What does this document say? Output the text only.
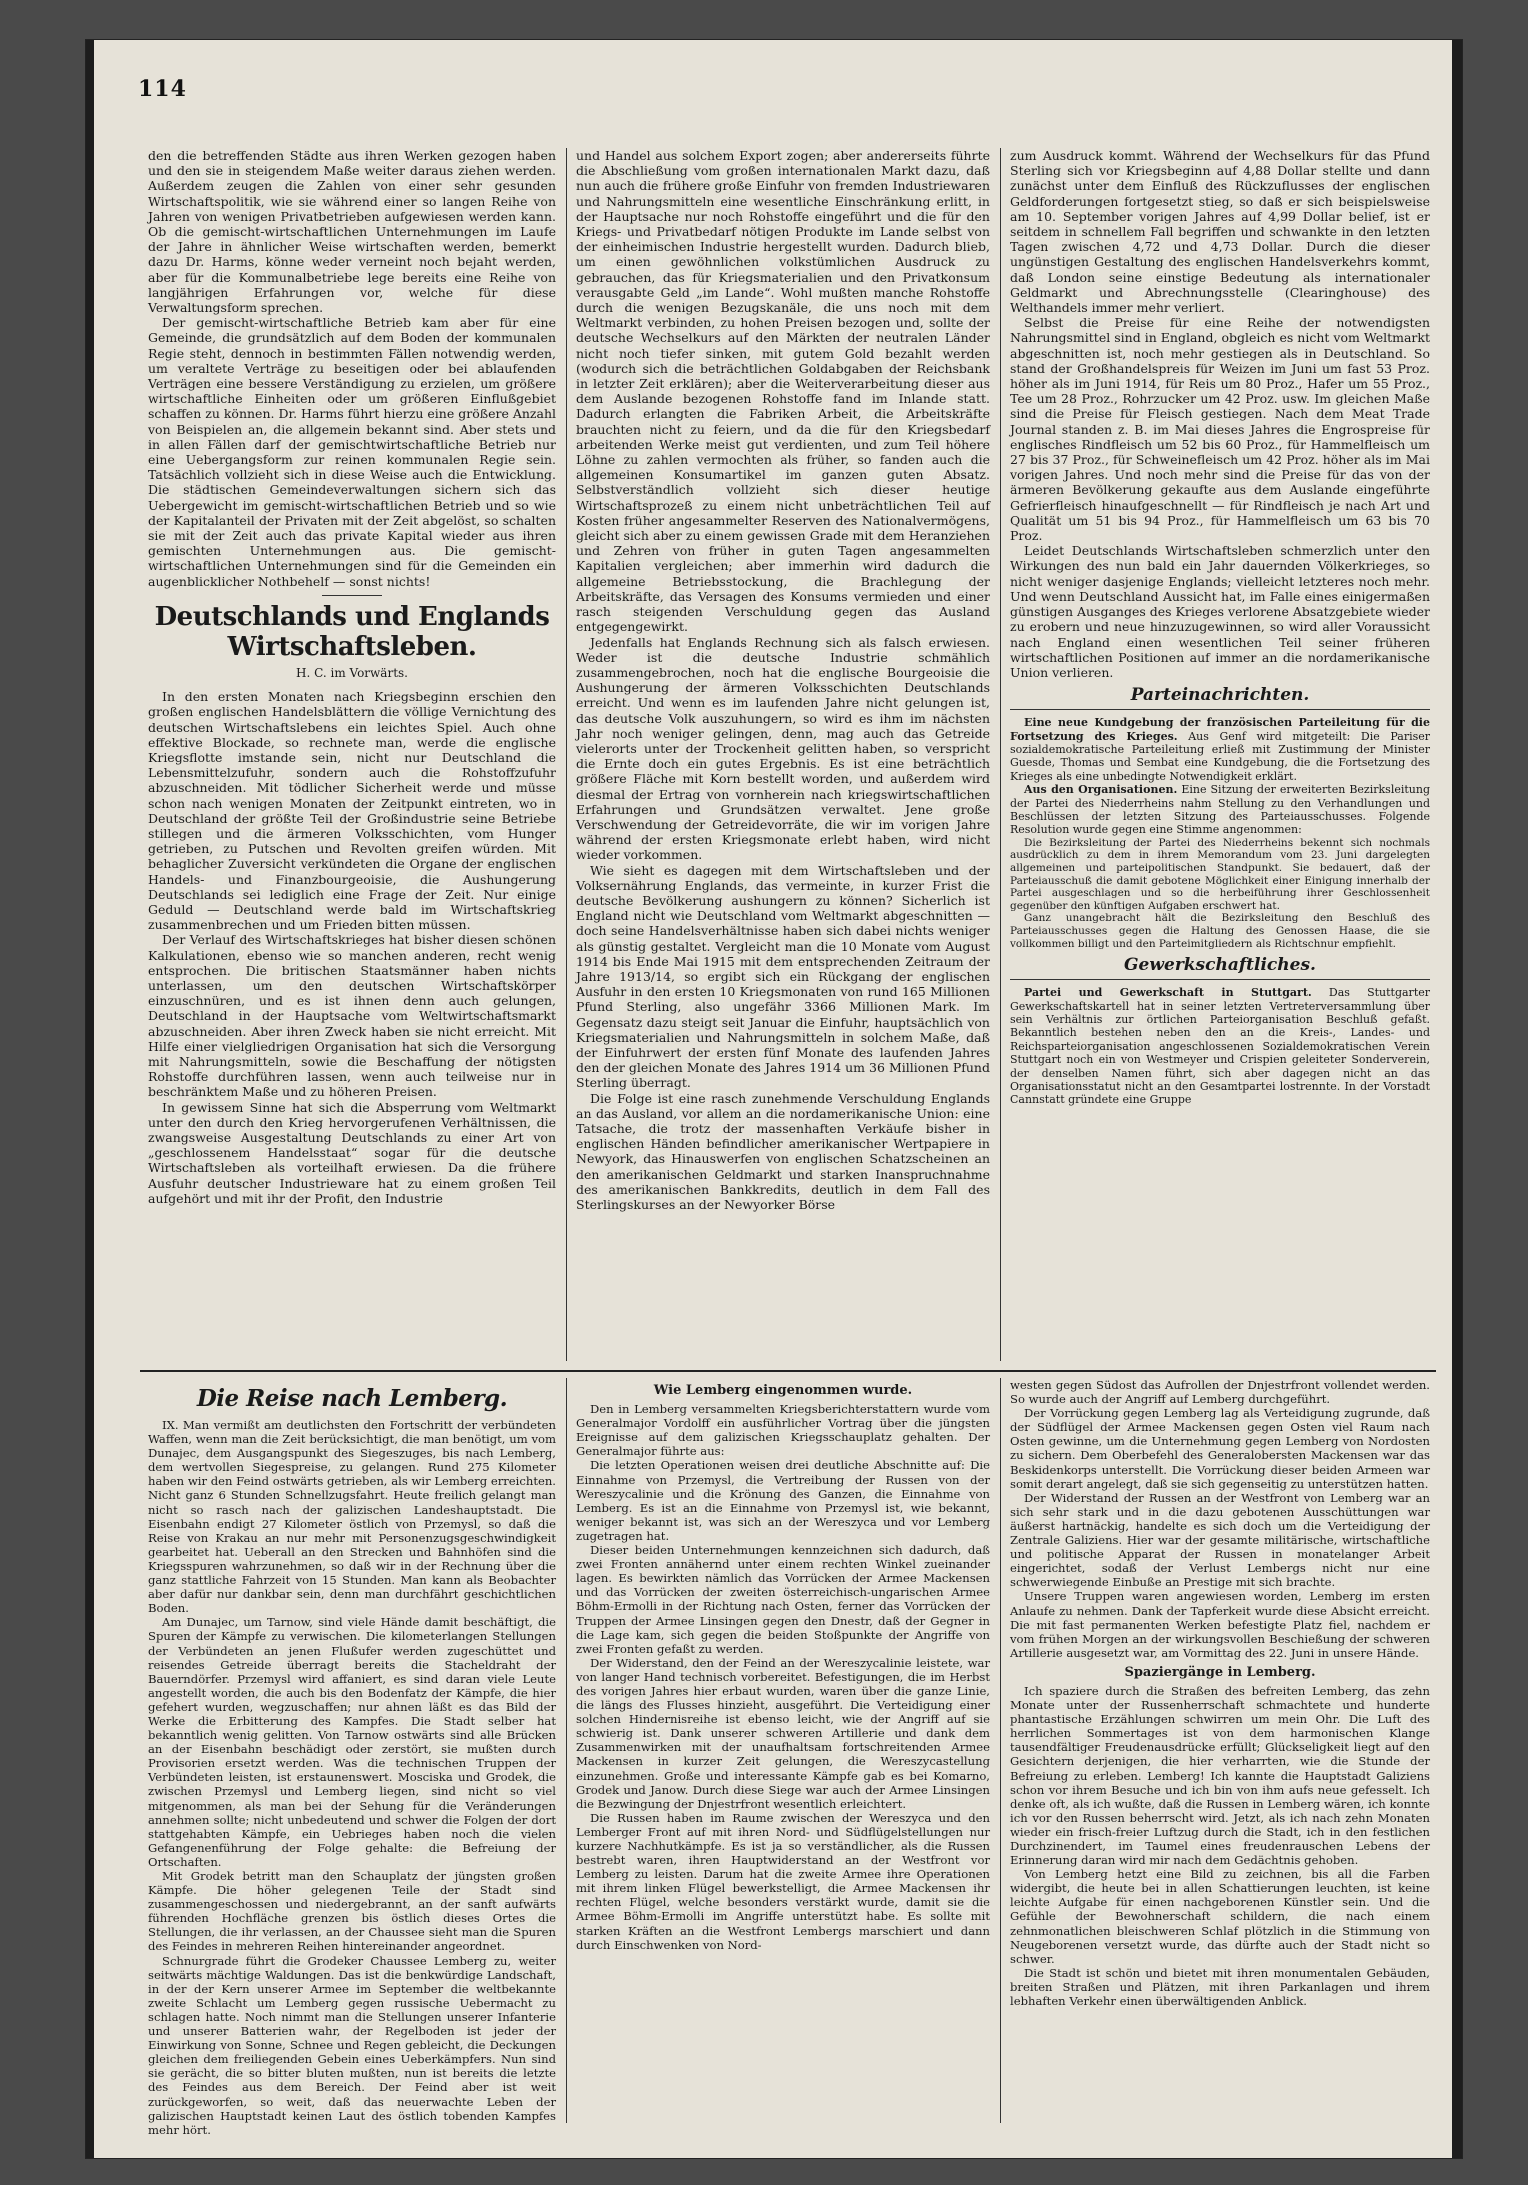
114

den die betreffenden Städte aus ihren Werken gezogen haben und den sie in steigendem Maße weiter daraus ziehen werden. Außerdem zeugen die Zahlen von einer sehr gesunden Wirtschaftspolitik, wie sie während einer so langen Reihe von Jahren von wenigen Privatbetrieben aufgewiesen werden kann. Ob die gemischt-wirtschaftlichen Unternehmungen im Laufe der Jahre in ähnlicher Weise wirtschaften werden, bemerkt dazu Dr. Harms, könne weder verneint noch bejaht werden, aber für die Kommunalbetriebe lege bereits eine Reihe von langjährigen Erfahrungen vor, welche für diese Verwaltungsform sprechen.

Der gemischt-wirtschaftliche Betrieb kam aber für eine Gemeinde, die grundsätzlich auf dem Boden der kommunalen Regie steht, dennoch in bestimmten Fällen notwendig werden, um veraltete Verträge zu beseitigen oder bei ablaufenden Verträgen eine bessere Verständigung zu erzielen, um größere wirtschaftliche Einheiten oder um größeren Einflußgebiet schaffen zu können. Dr. Harms führt hierzu eine größere Anzahl von Beispielen an, die allgemein bekannt sind. Aber stets und in allen Fällen darf der gemischtwirtschaftliche Betrieb nur eine Uebergangsform zur reinen kommunalen Regie sein. Tatsächlich vollzieht sich in diese Weise auch die Entwicklung. Die städtischen Gemeindeverwaltungen sichern sich das Uebergewicht im gemischt-wirtschaftlichen Betrieb und so wie der Kapitalanteil der Privaten mit der Zeit abgelöst, so schalten sie mit der Zeit auch das private Kapital wieder aus ihren gemischten Unternehmungen aus. Die gemischt-wirtschaftlichen Unternehmungen sind für die Gemeinden ein augenblicklicher Nothbehelf — sonst nichts!

Deutschlands und Englands Wirtschaftsleben.
H. C. im Vorwärts.

In den ersten Monaten nach Kriegsbeginn erschien den großen englischen Handelsblättern die völlige Vernichtung des deutschen Wirtschaftslebens ein leichtes Spiel. Auch ohne effektive Blockade, so rechnete man, werde die englische Kriegsflotte imstande sein, nicht nur Deutschland die Lebensmittelzufuhr, sondern auch die Rohstoffzufuhr abzuschneiden. Mit tödlicher Sicherheit werde und müsse schon nach wenigen Monaten der Zeitpunkt eintreten, wo in Deutschland der größte Teil der Großindustrie seine Betriebe stillegen und die ärmeren Volksschichten, vom Hunger getrieben, zu Putschen und Revolten greifen würden. Mit behaglicher Zuversicht verkündeten die Organe der englischen Handels- und Finanzbourgeoisie, die Aushungerung Deutschlands sei lediglich eine Frage der Zeit. Nur einige Geduld — Deutschland werde bald im Wirtschaftskrieg zusammenbrechen und um Frieden bitten müssen.

Der Verlauf des Wirtschaftskrieges hat bisher diesen schönen Kalkulationen, ebenso wie so manchen anderen, recht wenig entsprochen. Die britischen Staatsmänner haben nichts unterlassen, um den deutschen Wirtschaftskörper einzuschnüren, und es ist ihnen denn auch gelungen, Deutschland in der Hauptsache vom Weltwirtschaftsmarkt abzuschneiden. Aber ihren Zweck haben sie nicht erreicht. Mit Hilfe einer vielgliedrigen Organisation hat sich die Versorgung mit Nahrungsmitteln, sowie die Beschaffung der nötigsten Rohstoffe durchführen lassen, wenn auch teilweise nur in beschränktem Maße und zu höheren Preisen.

In gewissem Sinne hat sich die Absperrung vom Weltmarkt unter den durch den Krieg hervorgerufenen Verhältnissen, die zwangsweise Ausgestaltung Deutschlands zu einer Art von „geschlossenem Handelsstaat“ sogar für die deutsche Wirtschaftsleben als vorteilhaft erwiesen. Da die frühere Ausfuhr deutscher Industrieware hat zu einem großen Teil aufgehört und mit ihr der Profit, den Industrie

und Handel aus solchem Export zogen; aber andererseits führte die Abschließung vom großen internationalen Markt dazu, daß nun auch die frühere große Einfuhr von fremden Industriewaren und Nahrungsmitteln eine wesentliche Einschränkung erlitt, in der Hauptsache nur noch Rohstoffe eingeführt und die für den Kriegs- und Privatbedarf nötigen Produkte im Lande selbst von der einheimischen Industrie hergestellt wurden. Dadurch blieb, um einen gewöhnlichen volkstümlichen Ausdruck zu gebrauchen, das für Kriegsmaterialien und den Privatkonsum verausgabte Geld „im Lande“. Wohl mußten manche Rohstoffe durch die wenigen Bezugskanäle, die uns noch mit dem Weltmarkt verbinden, zu hohen Preisen bezogen und, sollte der deutsche Wechselkurs auf den Märkten der neutralen Länder nicht noch tiefer sinken, mit gutem Gold bezahlt werden (wodurch sich die beträchtlichen Goldabgaben der Reichsbank in letzter Zeit erklären); aber die Weiterverarbeitung dieser aus dem Auslande bezogenen Rohstoffe fand im Inlande statt. Dadurch erlangten die Fabriken Arbeit, die Arbeitskräfte brauchten nicht zu feiern, und da die für den Kriegsbedarf arbeitenden Werke meist gut verdienten, und zum Teil höhere Löhne zu zahlen vermochten als früher, so fanden auch die allgemeinen Konsumartikel im ganzen guten Absatz. Selbstverständlich vollzieht sich dieser heutige Wirtschaftsprozeß zu einem nicht unbeträchtlichen Teil auf Kosten früher angesammelter Reserven des Nationalvermögens, gleicht sich aber zu einem gewissen Grade mit dem Heranziehen und Zehren von früher in guten Tagen angesammelten Kapitalien vergleichen; aber immerhin wird dadurch die allgemeine Betriebsstockung, die Brachlegung der Arbeitskräfte, das Versagen des Konsums vermieden und einer rasch steigenden Verschuldung gegen das Ausland entgegengewirkt.

Jedenfalls hat Englands Rechnung sich als falsch erwiesen. Weder ist die deutsche Industrie schmählich zusammengebrochen, noch hat die englische Bourgeoisie die Aushungerung der ärmeren Volksschichten Deutschlands erreicht. Und wenn es im laufenden Jahre nicht gelungen ist, das deutsche Volk auszuhungern, so wird es ihm im nächsten Jahr noch weniger gelingen, denn, mag auch das Getreide vielerorts unter der Trockenheit gelitten haben, so verspricht die Ernte doch ein gutes Ergebnis. Es ist eine beträchtlich größere Fläche mit Korn bestellt worden, und außerdem wird diesmal der Ertrag von vornherein nach kriegswirtschaftlichen Erfahrungen und Grundsätzen verwaltet. Jene große Verschwendung der Getreidevorräte, die wir im vorigen Jahre während der ersten Kriegsmonate erlebt haben, wird nicht wieder vorkommen.

Wie sieht es dagegen mit dem Wirtschaftsleben und der Volksernährung Englands, das vermeinte, in kurzer Frist die deutsche Bevölkerung aushungern zu können? Sicherlich ist England nicht wie Deutschland vom Weltmarkt abgeschnitten — doch seine Handelsverhältnisse haben sich dabei nichts weniger als günstig gestaltet. Vergleicht man die 10 Monate vom August 1914 bis Ende Mai 1915 mit dem entsprechenden Zeitraum der Jahre 1913/14, so ergibt sich ein Rückgang der englischen Ausfuhr in den ersten 10 Kriegsmonaten von rund 165 Millionen Pfund Sterling, also ungefähr 3366 Millionen Mark. Im Gegensatz dazu steigt seit Januar die Einfuhr, hauptsächlich von Kriegsmaterialien und Nahrungsmitteln in solchem Maße, daß der Einfuhrwert der ersten fünf Monate des laufenden Jahres den der gleichen Monate des Jahres 1914 um 36 Millionen Pfund Sterling überragt.

Die Folge ist eine rasch zunehmende Verschuldung Englands an das Ausland, vor allem an die nordamerikanische Union: eine Tatsache, die trotz der massenhaften Verkäufe bisher in englischen Händen befindlicher amerikanischer Wertpapiere in Newyork, das Hinauswerfen von englischen Schatzscheinen an den amerikanischen Geldmarkt und starken Inanspruchnahme des amerikanischen Bankkredits, deutlich in dem Fall des Sterlingskurses an der Newyorker Börse

zum Ausdruck kommt. Während der Wechselkurs für das Pfund Sterling sich vor Kriegsbeginn auf 4,88 Dollar stellte und dann zunächst unter dem Einfluß des Rückzuflusses der englischen Geldforderungen fortgesetzt stieg, so daß er sich beispielsweise am 10. September vorigen Jahres auf 4,99 Dollar belief, ist er seitdem in schnellem Fall begriffen und schwankte in den letzten Tagen zwischen 4,72 und 4,73 Dollar. Durch die dieser ungünstigen Gestaltung des englischen Handelsverkehrs kommt, daß London seine einstige Bedeutung als internationaler Geldmarkt und Abrechnungsstelle (Clearinghouse) des Welthandels immer mehr verliert.

Selbst die Preise für eine Reihe der notwendigsten Nahrungsmittel sind in England, obgleich es nicht vom Weltmarkt abgeschnitten ist, noch mehr gestiegen als in Deutschland. So stand der Großhandelspreis für Weizen im Juni um fast 53 Proz. höher als im Juni 1914, für Reis um 80 Proz., Hafer um 55 Proz., Tee um 28 Proz., Rohrzucker um 42 Proz. usw. Im gleichen Maße sind die Preise für Fleisch gestiegen. Nach dem Meat Trade Journal standen z. B. im Mai dieses Jahres die Engrospreise für englisches Rindfleisch um 52 bis 60 Proz., für Hammelfleisch um 27 bis 37 Proz., für Schweinefleisch um 42 Proz. höher als im Mai vorigen Jahres. Und noch mehr sind die Preise für das von der ärmeren Bevölkerung gekaufte aus dem Auslande eingeführte Gefrierfleisch hinaufgeschnellt — für Rindfleisch je nach Art und Qualität um 51 bis 94 Proz., für Hammelfleisch um 63 bis 70 Proz.

Leidet Deutschlands Wirtschaftsleben schmerzlich unter den Wirkungen des nun bald ein Jahr dauernden Völkerkrieges, so nicht weniger dasjenige Englands; vielleicht letzteres noch mehr. Und wenn Deutschland Aussicht hat, im Falle eines einigermaßen günstigen Ausganges des Krieges verlorene Absatzgebiete wieder zu erobern und neue hinzuzugewinnen, so wird aller Voraussicht nach England einen wesentlichen Teil seiner früheren wirtschaftlichen Positionen auf immer an die nordamerikanische Union verlieren.

Parteinachrichten.

Eine neue Kundgebung der französischen Parteileitung für die Fortsetzung des Krieges. Aus Genf wird mitgeteilt: Die Pariser sozialdemokratische Parteileitung erließ mit Zustimmung der Minister Guesde, Thomas und Sembat eine Kundgebung, die die Fortsetzung des Krieges als eine unbedingte Notwendigkeit erklärt.

Aus den Organisationen. Eine Sitzung der erweiterten Bezirksleitung der Partei des Niederrheins nahm Stellung zu den Verhandlungen und Beschlüssen der letzten Sitzung des Parteiausschusses. Folgende Resolution wurde gegen eine Stimme angenommen:

Die Bezirksleitung der Partei des Niederrheins bekennt sich nochmals ausdrücklich zu dem in ihrem Memorandum vom 23. Juni dargelegten allgemeinen und parteipolitischen Standpunkt. Sie bedauert, daß der Parteiausschuß die damit gebotene Möglichkeit einer Einigung innerhalb der Partei ausgeschlagen und so die herbeiführung ihrer Geschlossenheit gegenüber den künftigen Aufgaben erschwert hat.

Ganz unangebracht hält die Bezirksleitung den Beschluß des Parteiausschusses gegen die Haltung des Genossen Haase, die sie vollkommen billigt und den Parteimitgliedern als Richtschnur empfiehlt.

Gewerkschaftliches.

Partei und Gewerkschaft in Stuttgart. Das Stuttgarter Gewerkschaftskartell hat in seiner letzten Vertreterversammlung über sein Verhältnis zur örtlichen Parteiorganisation Beschluß gefaßt. Bekanntlich bestehen neben den an die Kreis-, Landes- und Reichsparteiorganisation angeschlossenen Sozialdemokratischen Verein Stuttgart noch ein von Westmeyer und Crispien geleiteter Sonderverein, der denselben Namen führt, sich aber dagegen nicht an das Organisationsstatut nicht an den Gesamtpartei lostrennte. In der Vorstadt Cannstatt gründete eine Gruppe

Die Reise nach Lemberg.

IX. Man vermißt am deutlichsten den Fortschritt der verbündeten Waffen, wenn man die Zeit berücksichtigt, die man benötigt, um vom Dunajec, dem Ausgangspunkt des Siegeszuges, bis nach Lemberg, dem wertvollen Siegespreise, zu gelangen. Rund 275 Kilometer haben wir den Feind ostwärts getrieben, als wir Lemberg erreichten. Nicht ganz 6 Stunden Schnellzugsfahrt. Heute freilich gelangt man nicht so rasch nach der galizischen Landeshauptstadt. Die Eisenbahn endigt 27 Kilometer östlich von Przemysl, so daß die Reise von Krakau an nur mehr mit Personenzugsgeschwindigkeit gearbeitet hat. Ueberall an den Strecken und Bahnhöfen sind die Kriegsspuren wahrzunehmen, so daß wir in der Rechnung über die ganz stattliche Fahrzeit von 15 Stunden. Man kann als Beobachter aber dafür nur dankbar sein, denn man durchfährt geschichtlichen Boden.

Am Dunajec, um Tarnow, sind viele Hände damit beschäftigt, die Spuren der Kämpfe zu verwischen. Die kilometerlangen Stellungen der Verbündeten an jenen Flußufer werden zugeschüttet und reisendes Getreide überragt bereits die Stacheldraht der Bauerndörfer. Przemysl wird affaniert, es sind daran viele Leute angestellt worden, die auch bis den Bodenfatz der Kämpfe, die hier gefehert wurden, wegzuschaffen; nur ahnen läßt es das Bild der Werke die Erbitterung des Kampfes. Die Stadt selber hat bekanntlich wenig gelitten. Von Tarnow ostwärts sind alle Brücken an der Eisenbahn beschädigt oder zerstört, sie mußten durch Provisorien ersetzt werden. Was die technischen Truppen der Verbündeten leisten, ist erstaunenswert. Mosciska und Grodek, die zwischen Przemysl und Lemberg liegen, sind nicht so viel mitgenommen, als man bei der Sehung für die Veränderungen annehmen sollte; nicht unbedeutend und schwer die Folgen der dort stattgehabten Kämpfe, ein Uebrieges haben noch die vielen Gefangenenführung der Folge gehalte: die Befreiung der Ortschaften.

Mit Grodek betritt man den Schauplatz der jüngsten großen Kämpfe. Die höher gelegenen Teile der Stadt sind zusammengeschossen und niedergebrannt, an der sanft aufwärts führenden Hochfläche grenzen bis östlich dieses Ortes die Stellungen, die ihr verlassen, an der Chaussee sieht man die Spuren des Feindes in mehreren Reihen hintereinander angeordnet.

Schnurgrade führt die Grodeker Chaussee Lemberg zu, weiter seitwärts mächtige Waldungen. Das ist die benkwürdige Landschaft, in der der Kern unserer Armee im September die weltbekannte zweite Schlacht um Lemberg gegen russische Uebermacht zu schlagen hatte. Noch nimmt man die Stellungen unserer Infanterie und unserer Batterien wahr, der Regelboden ist jeder der Einwirkung von Sonne, Schnee und Regen gebleicht, die Deckungen gleichen dem freiliegenden Gebein eines Ueberkämpfers. Nun sind sie gerächt, die so bitter bluten mußten, nun ist bereits die letzte des Feindes aus dem Bereich. Der Feind aber ist weit zurückgeworfen, so weit, daß das neuerwachte Leben der galizischen Hauptstadt keinen Laut des östlich tobenden Kampfes mehr hört.

Wie Lemberg eingenommen wurde.

Den in Lemberg versammelten Kriegsberichterstattern wurde vom Generalmajor Vordolff ein ausführlicher Vortrag über die jüngsten Ereignisse auf dem galizischen Kriegsschauplatz gehalten. Der Generalmajor führte aus:

Die letzten Operationen weisen drei deutliche Abschnitte auf: Die Einnahme von Przemysl, die Vertreibung der Russen von der Wereszycalinie und die Krönung des Ganzen, die Einnahme von Lemberg. Es ist an die Einnahme von Przemysl ist, wie bekannt, weniger bekannt ist, was sich an der Wereszyca und vor Lemberg zugetragen hat.

Dieser beiden Unternehmungen kennzeichnen sich dadurch, daß zwei Fronten annähernd unter einem rechten Winkel zueinander lagen. Es bewirkten nämlich das Vorrücken der Armee Mackensen und das Vorrücken der zweiten österreichisch-ungarischen Armee Böhm-Ermolli in der Richtung nach Osten, ferner das Vorrücken der Truppen der Armee Linsingen gegen den Dnestr, daß der Gegner in die Lage kam, sich gegen die beiden Stoßpunkte der Angriffe von zwei Fronten gefaßt zu werden.

Der Widerstand, den der Feind an der Wereszycalinie leistete, war von langer Hand technisch vorbereitet. Befestigungen, die im Herbst des vorigen Jahres hier erbaut wurden, waren über die ganze Linie, die längs des Flusses hinzieht, ausgeführt. Die Verteidigung einer solchen Hindernisreihe ist ebenso leicht, wie der Angriff auf sie schwierig ist. Dank unserer schweren Artillerie und dank dem Zusammenwirken mit der unaufhaltsam fortschreitenden Armee Mackensen in kurzer Zeit gelungen, die Wereszycastellung einzunehmen. Große und interessante Kämpfe gab es bei Komarno, Grodek und Janow. Durch diese Siege war auch der Armee Linsingen die Bezwingung der Dnjestrfront wesentlich erleichtert.

Die Russen haben im Raume zwischen der Wereszyca und den Lemberger Front auf mit ihren Nord- und Südflügelstellungen nur kurzere Nachhutkämpfe. Es ist ja so verständlicher, als die Russen bestrebt waren, ihren Hauptwiderstand an der Westfront vor Lemberg zu leisten. Darum hat die zweite Armee ihre Operationen mit ihrem linken Flügel bewerkstelligt, die Armee Mackensen ihr rechten Flügel, welche besonders verstärkt wurde, damit sie die Armee Böhm-Ermolli im Angriffe unterstützt habe. Es sollte mit starken Kräften an die Westfront Lembergs marschiert und dann durch Einschwenken von Nord-

westen gegen Südost das Aufrollen der Dnjestrfront vollendet werden. So wurde auch der Angriff auf Lemberg durchgeführt.

Der Vorrückung gegen Lemberg lag als Verteidigung zugrunde, daß der Südflügel der Armee Mackensen gegen Osten viel Raum nach Osten gewinne, um die Unternehmung gegen Lemberg von Nordosten zu sichern. Dem Oberbefehl des Generalobersten Mackensen war das Beskidenkorps unterstellt. Die Vorrückung dieser beiden Armeen war somit derart angelegt, daß sie sich gegenseitig zu unterstützen hatten.

Der Widerstand der Russen an der Westfront von Lemberg war an sich sehr stark und in die dazu gebotenen Ausschüttungen war äußerst hartnäckig, handelte es sich doch um die Verteidigung der Zentrale Galiziens. Hier war der gesamte militärische, wirtschaftliche und politische Apparat der Russen in monatelanger Arbeit eingerichtet, sodaß der Verlust Lembergs nicht nur eine schwerwiegende Einbuße an Prestige mit sich brachte.

Unsere Truppen waren angewiesen worden, Lemberg im ersten Anlaufe zu nehmen. Dank der Tapferkeit wurde diese Absicht erreicht. Die mit fast permanenten Werken befestigte Platz fiel, nachdem er vom frühen Morgen an der wirkungsvollen Beschießung der schweren Artillerie ausgesetzt war, am Vormittag des 22. Juni in unsere Hände.

Spaziergänge in Lemberg.

Ich spaziere durch die Straßen des befreiten Lemberg, das zehn Monate unter der Russenherrschaft schmachtete und hunderte phantastische Erzählungen schwirren um mein Ohr. Die Luft des herrlichen Sommertages ist von dem harmonischen Klange tausendfältiger Freudenausdrücke erfüllt; Glückseligkeit liegt auf den Gesichtern derjenigen, die hier verharrten, wie die Stunde der Befreiung zu erleben. Lemberg! Ich kannte die Hauptstadt Galiziens schon vor ihrem Besuche und ich bin von ihm aufs neue gefesselt. Ich denke oft, als ich wußte, daß die Russen in Lemberg wären, ich konnte ich vor den Russen beherrscht wird. Jetzt, als ich nach zehn Monaten wieder ein frisch-freier Luftzug durch die Stadt, ich in den festlichen Durchzinendert, im Taumel eines freudenrauschen Lebens der Erinnerung daran wird mir nach dem Gedächtnis gehoben.

Von Lemberg hetzt eine Bild zu zeichnen, bis all die Farben widergibt, die heute bei in allen Schattierungen leuchten, ist keine leichte Aufgabe für einen nachgeborenen Künstler sein. Und die Gefühle der Bewohnerschaft schildern, die nach einem zehnmonatlichen bleischweren Schlaf plötzlich in die Stimmung von Neugeborenen versetzt wurde, das dürfte auch der Stadt nicht so schwer.

Die Stadt ist schön und bietet mit ihren monumentalen Gebäuden, breiten Straßen und Plätzen, mit ihren Parkanlagen und ihrem lebhaften Verkehr einen überwältigenden Anblick.
